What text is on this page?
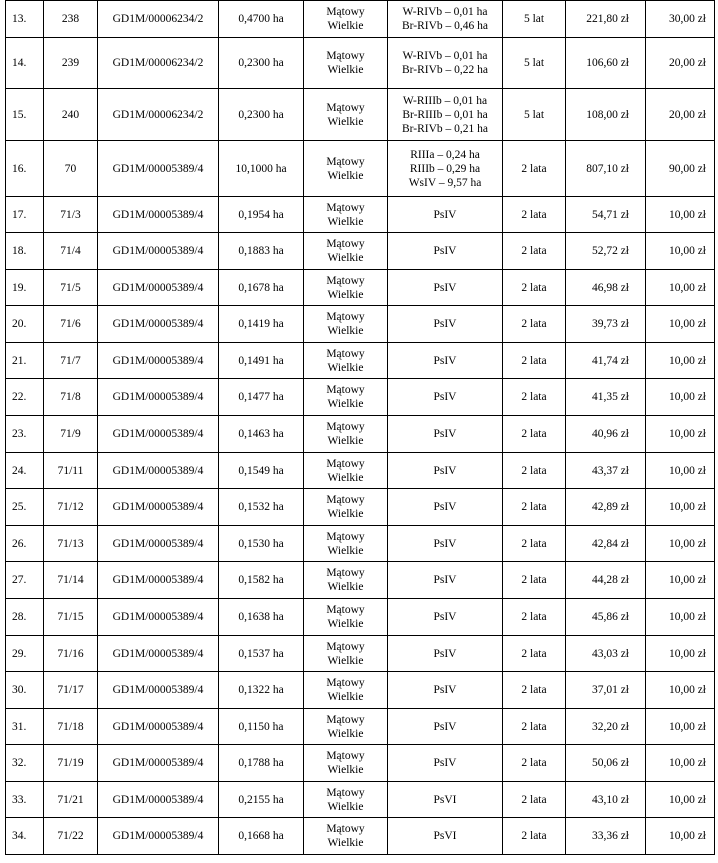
13.	238	GD1M/00006234/2	0,4700 ha	Mątowy
Wielkie	W-RIVb – 0,01 ha
Br-RIVb – 0,46 ha	5 lat	221,80 zł	30,00 zł
14.	239	GD1M/00006234/2	0,2300 ha	Mątowy
Wielkie	W-RIVb – 0,01 ha
Br-RIVb – 0,22 ha	5 lat	106,60 zł	20,00 zł
15.	240	GD1M/00006234/2	0,2300 ha	Mątowy
Wielkie	W-RIIIb – 0,01 ha
Br-RIIIb – 0,01 ha
Br-RIVb – 0,21 ha	5 lat	108,00 zł	20,00 zł
16.	70	GD1M/00005389/4	10,1000 ha	Mątowy
Wielkie	RIIIa – 0,24 ha
RIIIb – 0,29 ha
WsIV – 9,57 ha	2 lata	807,10 zł	90,00 zł
17.	71/3	GD1M/00005389/4	0,1954 ha	Mątowy
Wielkie	PsIV	2 lata	54,71 zł	10,00 zł
18.	71/4	GD1M/00005389/4	0,1883 ha	Mątowy
Wielkie	PsIV	2 lata	52,72 zł	10,00 zł
19.	71/5	GD1M/00005389/4	0,1678 ha	Mątowy
Wielkie	PsIV	2 lata	46,98 zł	10,00 zł
20.	71/6	GD1M/00005389/4	0,1419 ha	Mątowy
Wielkie	PsIV	2 lata	39,73 zł	10,00 zł
21.	71/7	GD1M/00005389/4	0,1491 ha	Mątowy
Wielkie	PsIV	2 lata	41,74 zł	10,00 zł
22.	71/8	GD1M/00005389/4	0,1477 ha	Mątowy
Wielkie	PsIV	2 lata	41,35 zł	10,00 zł
23.	71/9	GD1M/00005389/4	0,1463 ha	Mątowy
Wielkie	PsIV	2 lata	40,96 zł	10,00 zł
24.	71/11	GD1M/00005389/4	0,1549 ha	Mątowy
Wielkie	PsIV	2 lata	43,37 zł	10,00 zł
25.	71/12	GD1M/00005389/4	0,1532 ha	Mątowy
Wielkie	PsIV	2 lata	42,89 zł	10,00 zł
26.	71/13	GD1M/00005389/4	0,1530 ha	Mątowy
Wielkie	PsIV	2 lata	42,84 zł	10,00 zł
27.	71/14	GD1M/00005389/4	0,1582 ha	Mątowy
Wielkie	PsIV	2 lata	44,28 zł	10,00 zł
28.	71/15	GD1M/00005389/4	0,1638 ha	Mątowy
Wielkie	PsIV	2 lata	45,86 zł	10,00 zł
29.	71/16	GD1M/00005389/4	0,1537 ha	Mątowy
Wielkie	PsIV	2 lata	43,03 zł	10,00 zł
30.	71/17	GD1M/00005389/4	0,1322 ha	Mątowy
Wielkie	PsIV	2 lata	37,01 zł	10,00 zł
31.	71/18	GD1M/00005389/4	0,1150 ha	Mątowy
Wielkie	PsIV	2 lata	32,20 zł	10,00 zł
32.	71/19	GD1M/00005389/4	0,1788 ha	Mątowy
Wielkie	PsIV	2 lata	50,06 zł	10,00 zł
33.	71/21	GD1M/00005389/4	0,2155 ha	Mątowy
Wielkie	PsVI	2 lata	43,10 zł	10,00 zł
34.	71/22	GD1M/00005389/4	0,1668 ha	Mątowy
Wielkie	PsVI	2 lata	33,36 zł	10,00 zł
